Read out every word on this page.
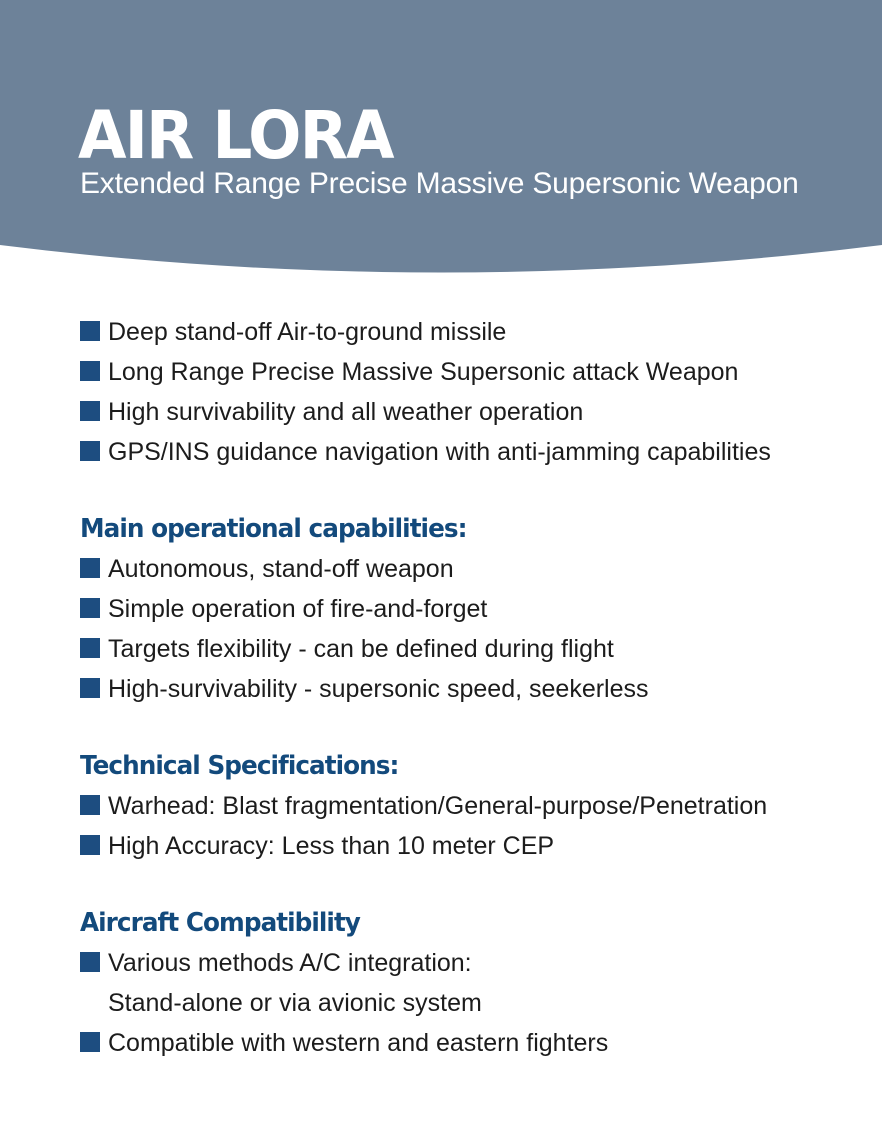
AIR LORA
Extended Range Precise Massive Supersonic Weapon
Deep stand-off Air-to-ground missile
Long Range Precise Massive Supersonic attack Weapon
High survivability and all weather operation
GPS/INS guidance navigation with anti-jamming capabilities
Main operational capabilities:
Autonomous, stand-off weapon
Simple operation of fire-and-forget
Targets flexibility - can be defined during flight
High-survivability - supersonic speed, seekerless
Technical Specifications:
Warhead: Blast fragmentation/General-purpose/Penetration
High Accuracy: Less than 10 meter CEP
Aircraft Compatibility
Various methods A/C integration:
Stand-alone or via avionic system
Compatible with western and eastern fighters
